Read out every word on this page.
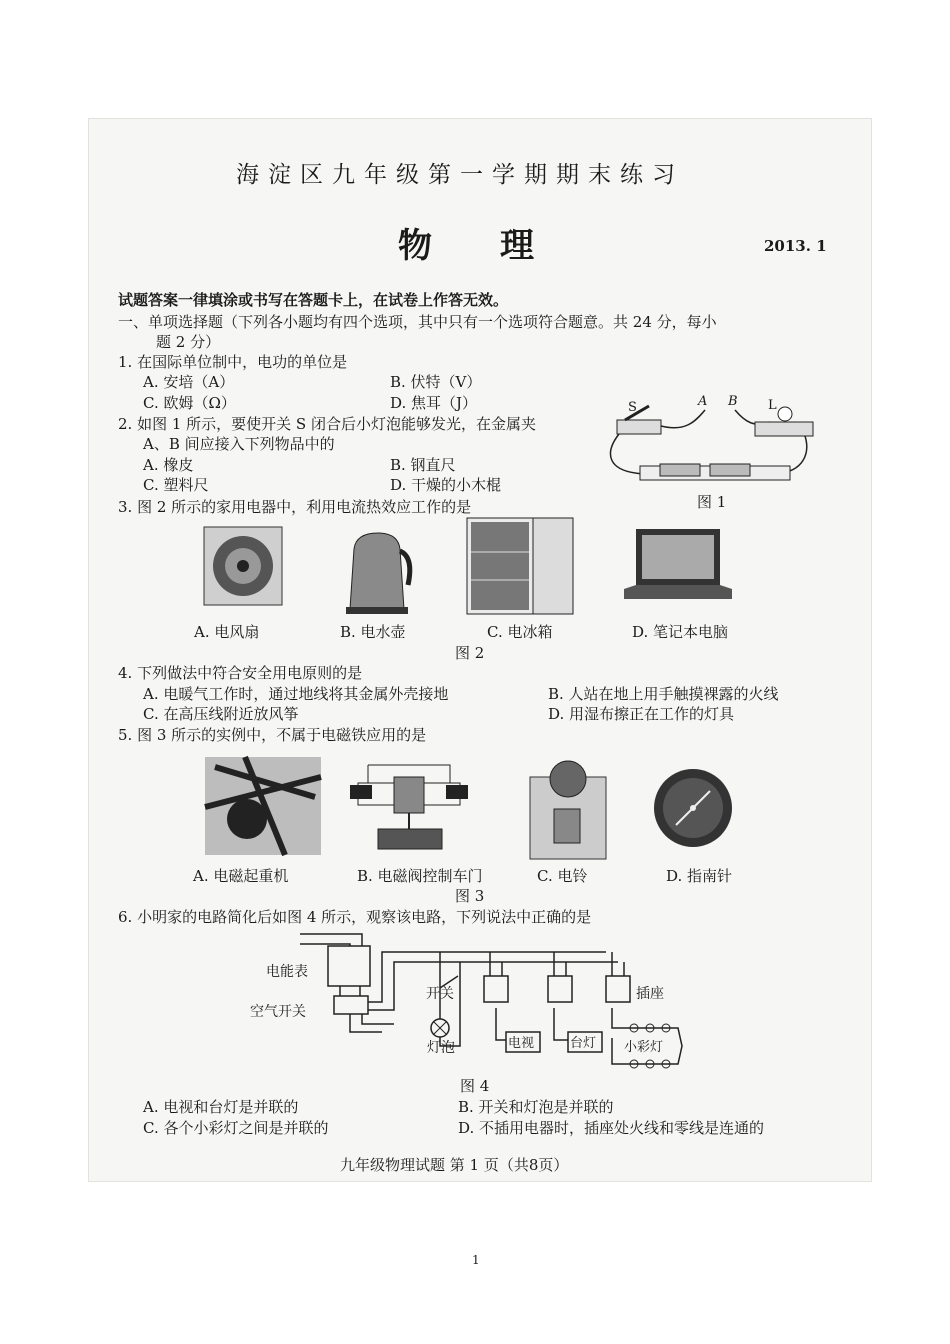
海淀区九年级第一学期期末练习
物 理	2013. 1
试题答案一律填涂或书写在答题卡上，在试卷上作答无效。
一、单项选择题（下列各小题均有四个选项，其中只有一个选项符合题意。共 24 分，每小
题 2 分）
1. 在国际单位制中，电功的单位是
A. 安培（A）	B. 伏特（V）
C. 欧姆（Ω）	D. 焦耳（J）
2. 如图 1 所示，要使开关 S 闭合后小灯泡能够发光，在金属夹
A、B 间应接入下列物品中的
A. 橡皮	B. 钢直尺
C. 塑料尺	D. 干燥的小木棍
S	A B L
图 1
3. 图 2 所示的家用电器中，利用电流热效应工作的是
A. 电风扇	B. 电水壶	C. 电冰箱	D. 笔记本电脑
图 2
4. 下列做法中符合安全用电原则的是
A. 电暖气工作时，通过地线将其金属外壳接地	B. 人站在地上用手触摸裸露的火线
C. 在高压线附近放风筝	D. 用湿布擦正在工作的灯具
5. 图 3 所示的实例中，不属于电磁铁应用的是
A. 电磁起重机	B. 电磁阀控制车门	C. 电铃	D. 指南针
图 3
6. 小明家的电路简化后如图 4 所示，观察该电路，下列说法中正确的是
电能表
空气开关
开关
灯泡
插座
电视	台灯 小彩灯
图 4
A. 电视和台灯是并联的	B. 开关和灯泡是并联的
C. 各个小彩灯之间是并联的	D. 不插用电器时，插座处火线和零线是连通的
九年级物理试题 第 1 页（共8页）
1
